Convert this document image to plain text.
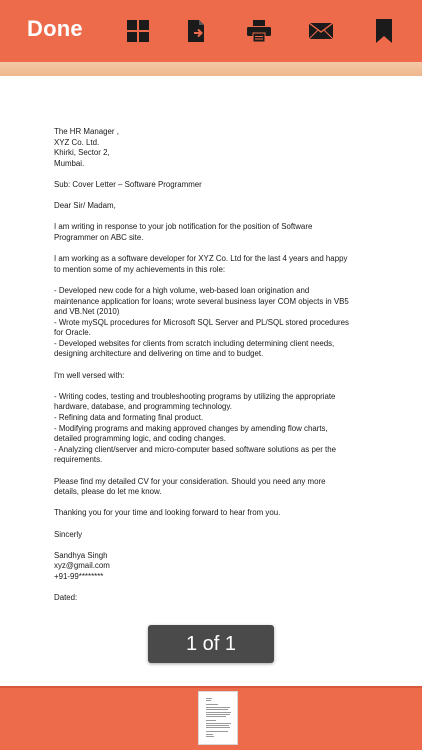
Done
The HR Manager ,
XYZ Co. Ltd.
Khirki, Sector 2,
Mumbai.
Sub: Cover Letter – Software Programmer
Dear Sir/ Madam,
I am writing in response to your job notification for the position of Software
Programmer on ABC site.
I am working as a software developer for XYZ Co. Ltd for the last 4 years and happy
to mention some of my achievements in this role:
- Developed new code for a high volume, web-based loan origination and
maintenance application for loans; wrote several business layer COM objects in VB5
and VB.Net (2010)
- Wrote mySQL procedures for Microsoft SQL Server and PL/SQL stored procedures
for Oracle.
- Developed websites for clients from scratch including determining client needs,
designing architecture and delivering on time and to budget.
I'm well versed with:
- Writing codes, testing and troubleshooting programs by utilizing the appropriate
hardware, database, and programming technology.
- Refining data and formating final product.
- Modifying programs and making approved changes by amending flow charts,
detailed programming logic, and coding changes.
- Analyzing client/server and micro-computer based software solutions as per the
requirements.
Please find my detailed CV for your consideration. Should you need any more
details, please do let me know.
Thanking you for your time and looking forward to hear from you.
Sincerly
Sandhya Singh
xyz@gmail.com
+91-99********
Dated:
1 of 1
